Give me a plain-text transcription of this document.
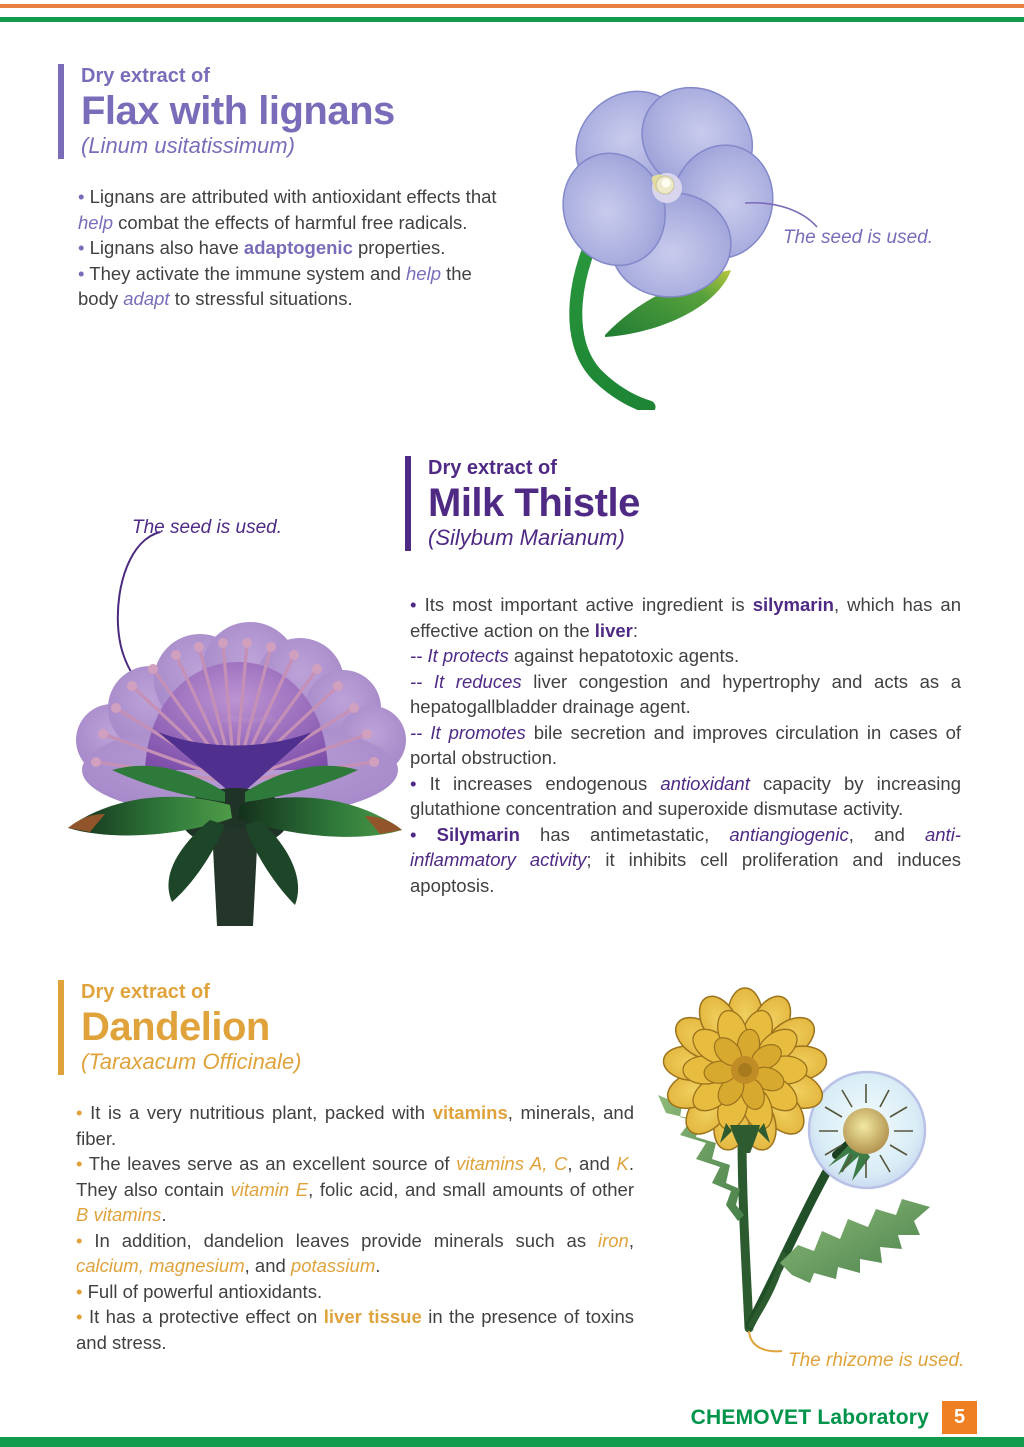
Dry extract of
Flax with lignans
(Linum usitatissimum)

• Lignans are attributed with antioxidant effects that help combat the effects of harmful free radicals.

• Lignans also have adaptogenic properties.

• They activate the immune system and help the body adapt to stressful situations.

The seed is used.
Dry extract of
Milk Thistle
(Silybum Marianum)

• Its most important active ingredient is silymarin, which has an effective action on the liver:

-- It protects against hepatotoxic agents.

-- It reduces liver congestion and hypertrophy and acts as a hepatogallbladder drainage agent.

-- It promotes bile secretion and improves circulation in cases of portal obstruction.

• It increases endogenous antioxidant capacity by increasing glutathione concentration and superoxide dismutase activity.

• Silymarin has antimetastatic, antiangiogenic, and anti-inflammatory activity; it inhibits cell proliferation and induces apoptosis.

The seed is used.
Dry extract of
Dandelion
(Taraxacum Officinale)

• It is a very nutritious plant, packed with vitamins, minerals, and fiber.

• The leaves serve as an excellent source of vitamins A, C, and K. They also contain vitamin E, folic acid, and small amounts of other B vitamins.

• In addition, dandelion leaves provide minerals such as iron, calcium, magnesium, and potassium.

• Full of powerful antioxidants.

• It has a protective effect on liver tissue in the presence of toxins and stress.

The rhizome is used.
CHEMOVET Laboratory	5
